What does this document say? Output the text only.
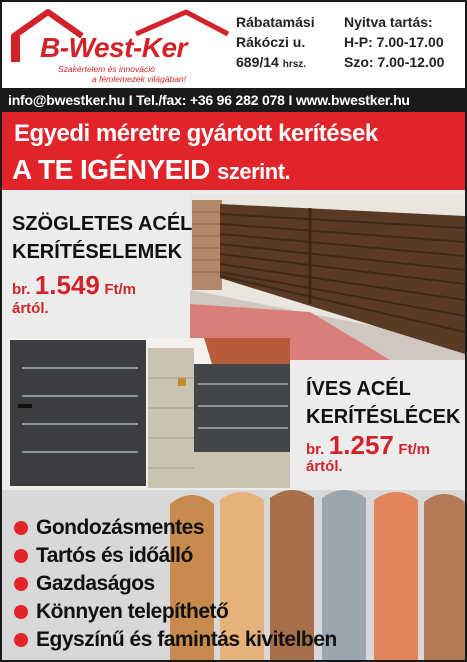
B-West-Ker
Szakértelem és innováció
a fémlemezek világában!
Rábatamási
Rákóczi u.
689/14 hrsz.
Nyitva tartás:
H-P: 7.00-17.00
Szo: 7.00-12.00
info@bwestker.hu I Tel./fax: +36 96 282 078 I www.bwestker.hu
Egyedi méretre gyártott kerítések
A TE IGÉNYEID szerint.
SZÖGLETES ACÉL
KERÍTÉSELEMEK
br. 1.549 Ft/m
ártól.
ÍVES ACÉL
KERÍTÉSLÉCEK
br. 1.257 Ft/m
ártól.
Gondozásmentes
Tartós és időálló
Gazdaságos
Könnyen telepíthető
Egyszínű és famintás kivitelben
